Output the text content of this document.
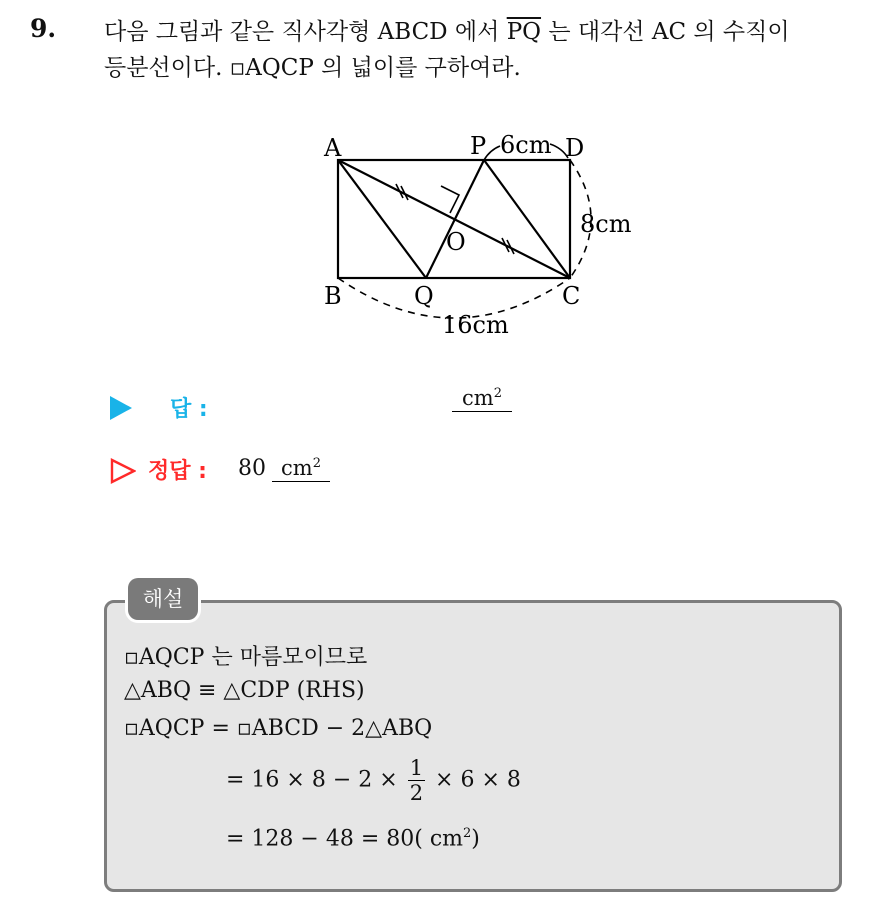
9. 다음 그림과 같은 직사각형 ABCD 에서 $\overline{PQ}$ 는 대각선 AC 의 수직이
등분선이다. ▫AQCP 의 넓이를 구하여라.
A
B	C
D
P
Q
O
6cm
8cm
16cm
답 :	$cm^2$
정답 : 80 $cm^2$
해설
▫AQCP 는 마름모이므로
△ABQ ≡ △CDP (RHS)
▫AQCP = ▫ABCD − 2△ABQ
= $16 \times 8 - 2 \times \frac{1}{2} \times 6 \times 8$
= 128 − 48 = 80( $cm^2$)
